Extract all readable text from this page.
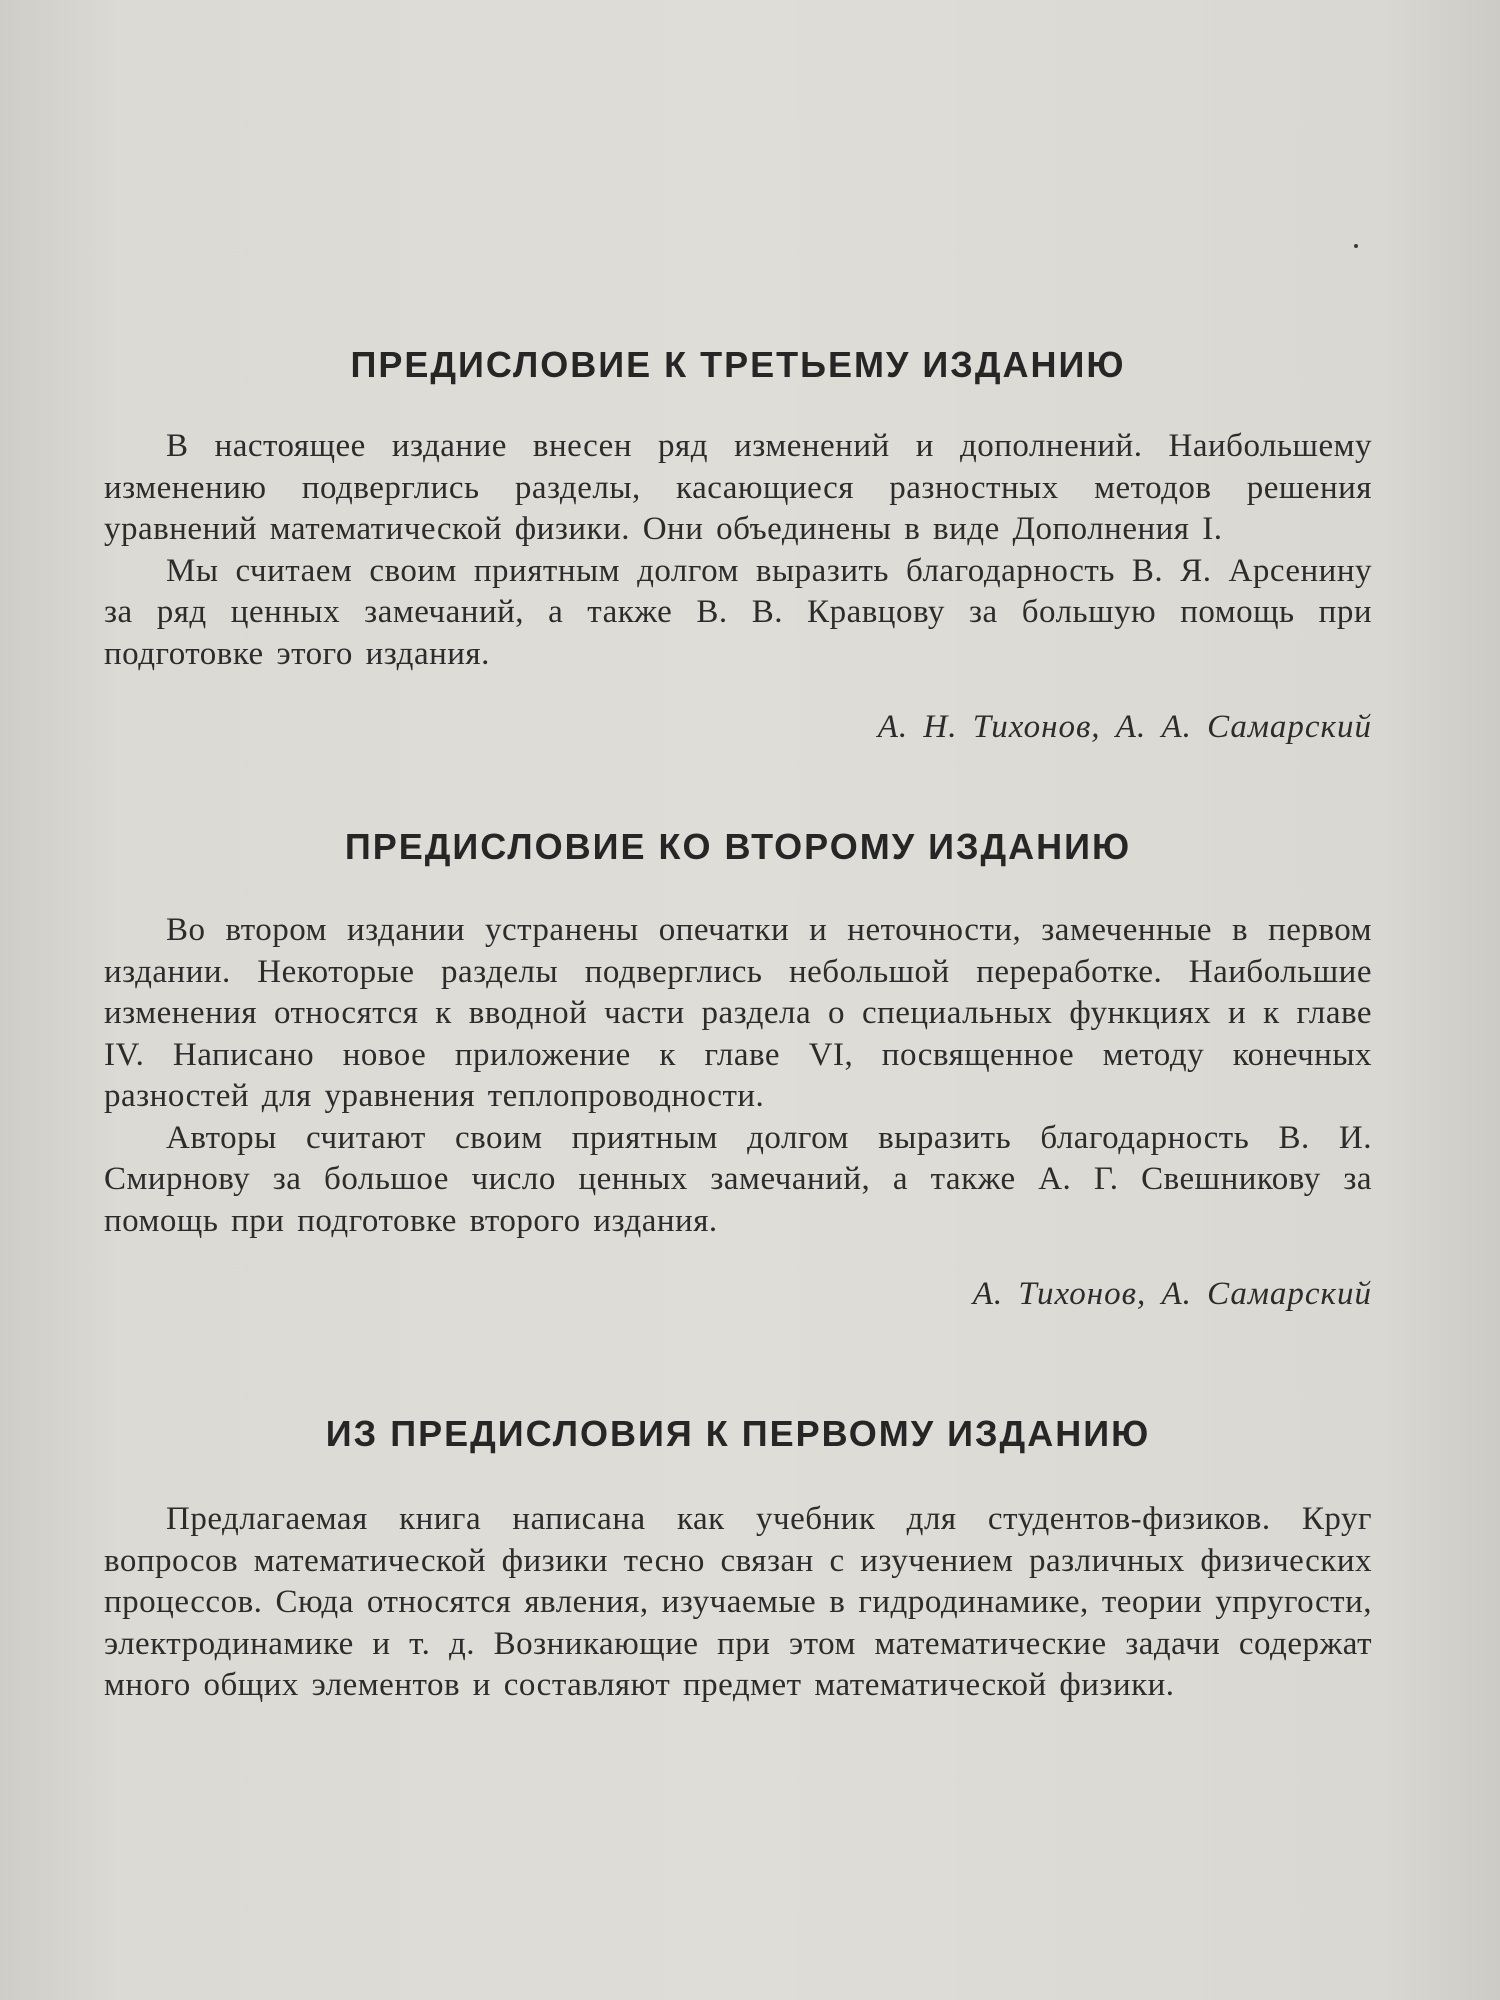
ПРЕДИСЛОВИЕ К ТРЕТЬЕМУ ИЗДАНИЮ

В настоящее издание внесен ряд изменений и дополнений. Наибольшему изменению подверглись разделы, касающиеся разностных методов решения уравнений математической физики. Они объединены в виде Дополнения I.

Мы считаем своим приятным долгом выразить благодарность В. Я. Арсенину за ряд ценных замечаний, а также В. В. Кравцову за большую помощь при подготовке этого издания.

А. Н. Тихонов, А. А. Самарский

ПРЕДИСЛОВИЕ КО ВТОРОМУ ИЗДАНИЮ

Во втором издании устранены опечатки и неточности, замеченные в первом издании. Некоторые разделы подверглись небольшой переработке. Наибольшие изменения относятся к вводной части раздела о специальных функциях и к главе IV. Написано новое приложение к главе VI, посвященное методу конечных разностей для уравнения теплопроводности.

Авторы считают своим приятным долгом выразить благодарность В. И. Смирнову за большое число ценных замечаний, а также А. Г. Свешникову за помощь при подготовке второго издания.

А. Тихонов, А. Самарский

ИЗ ПРЕДИСЛОВИЯ К ПЕРВОМУ ИЗДАНИЮ

Предлагаемая книга написана как учебник для студентов-физиков. Круг вопросов математической физики тесно связан с изучением различных физических процессов. Сюда относятся явления, изучаемые в гидродинамике, теории упругости, электродинамике и т. д. Возникающие при этом математические задачи содержат много общих элементов и составляют предмет математической физики.
